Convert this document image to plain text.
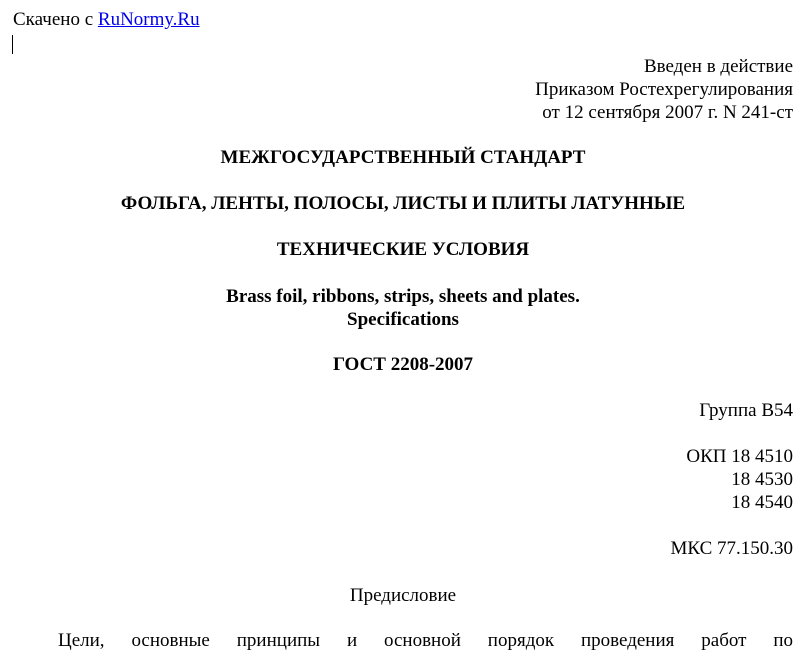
Скачено с RuNormy.Ru
Введен в действие
Приказом Ростехрегулирования
от 12 сентября 2007 г. N 241-ст
МЕЖГОСУДАРСТВЕННЫЙ СТАНДАРТ
ФОЛЬГА, ЛЕНТЫ, ПОЛОСЫ, ЛИСТЫ И ПЛИТЫ ЛАТУННЫЕ
ТЕХНИЧЕСКИЕ УСЛОВИЯ
Brass foil, ribbons, strips, sheets and plates.
Specifications
ГОСТ 2208-2007
Группа В54
ОКП 18 4510
18 4530
18 4540
МКС 77.150.30
Предисловие
Цели, основные принципы и основной порядок проведения работ по
